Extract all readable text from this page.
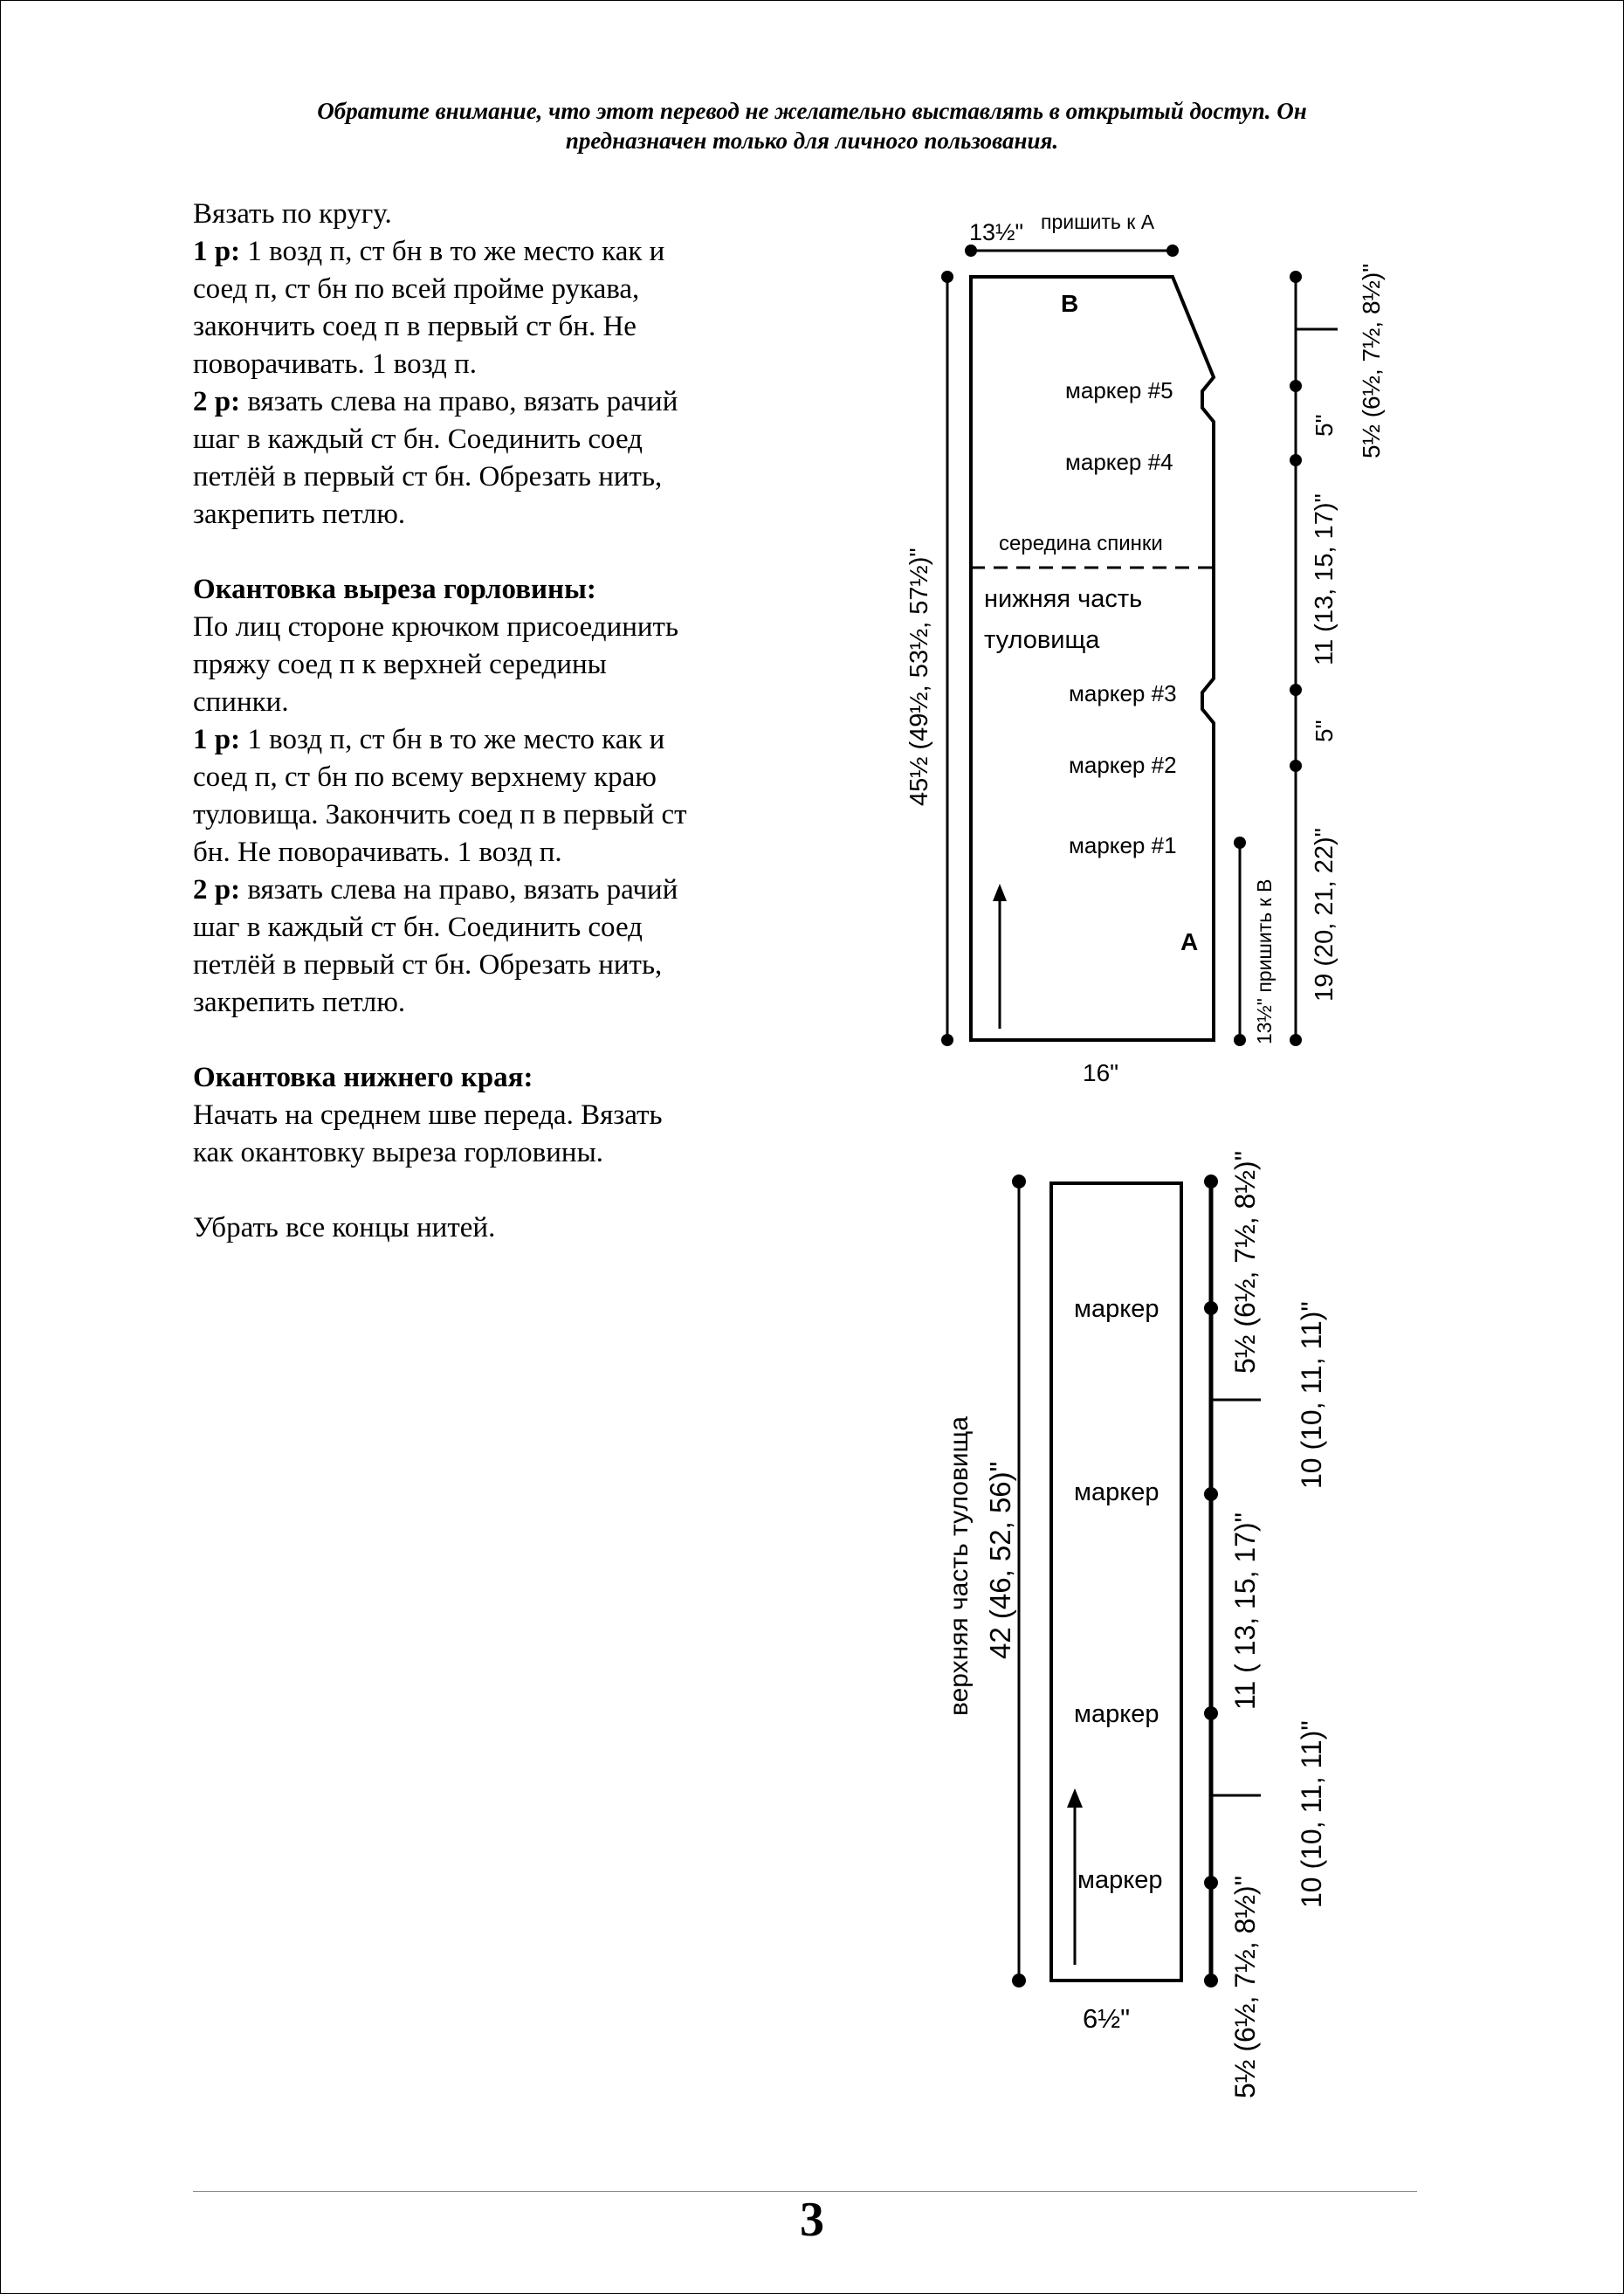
Обратите внимание, что этот перевод не желательно выставлять в открытый доступ. Он
предназначен только для личного пользования.

Вязать по кругу.

1 р: 1 возд п, ст бн в то же место как и

соед п, ст бн по всей пройме рукава,

закончить соед п в первый ст бн. Не

поворачивать. 1 возд п.

2 р: вязать слева на право, вязать рачий

шаг в каждый ст бн. Соединить соед

петлёй в первый ст бн. Обрезать нить,

закрепить петлю.

Окантовка выреза горловины:

По лиц стороне крючком присоединить

пряжу соед п к верхней середины

спинки.

1 р: 1 возд п, ст бн в то же место как и

соед п, ст бн по всему верхнему краю

туловища. Закончить соед п в первый ст

бн. Не поворачивать. 1 возд п.

2 р: вязать слева на право, вязать рачий

шаг в каждый ст бн. Соединить соед

петлёй в первый ст бн. Обрезать нить,

закрепить петлю.

Окантовка нижнего края:

Начать на среднем шве переда. Вязать

как окантовку выреза горловины.

Убрать все концы нитей.

13½" пришить к А
B
маркер #5
маркер #4
середина спинки
нижняя часть
туловища
маркер #3
маркер #2
маркер #1
A
16"
45½ (49½, 53½, 57½)"
13½" пришить к В 19 (20, 21, 22)"
5"
11 (13, 15, 17)"
5" 5½ (6½, 7½, 8½)"
маркер
маркер
маркер
маркер
6½"
верхняя часть туловища 42 (46, 52, 56)"
5½ (6½, 7½, 8½)"
10 (10, 11, 11)"
11 ( 13, 15, 17)"
10 (10, 11, 11)"
5½ (6½, 7½, 8½)"
3
